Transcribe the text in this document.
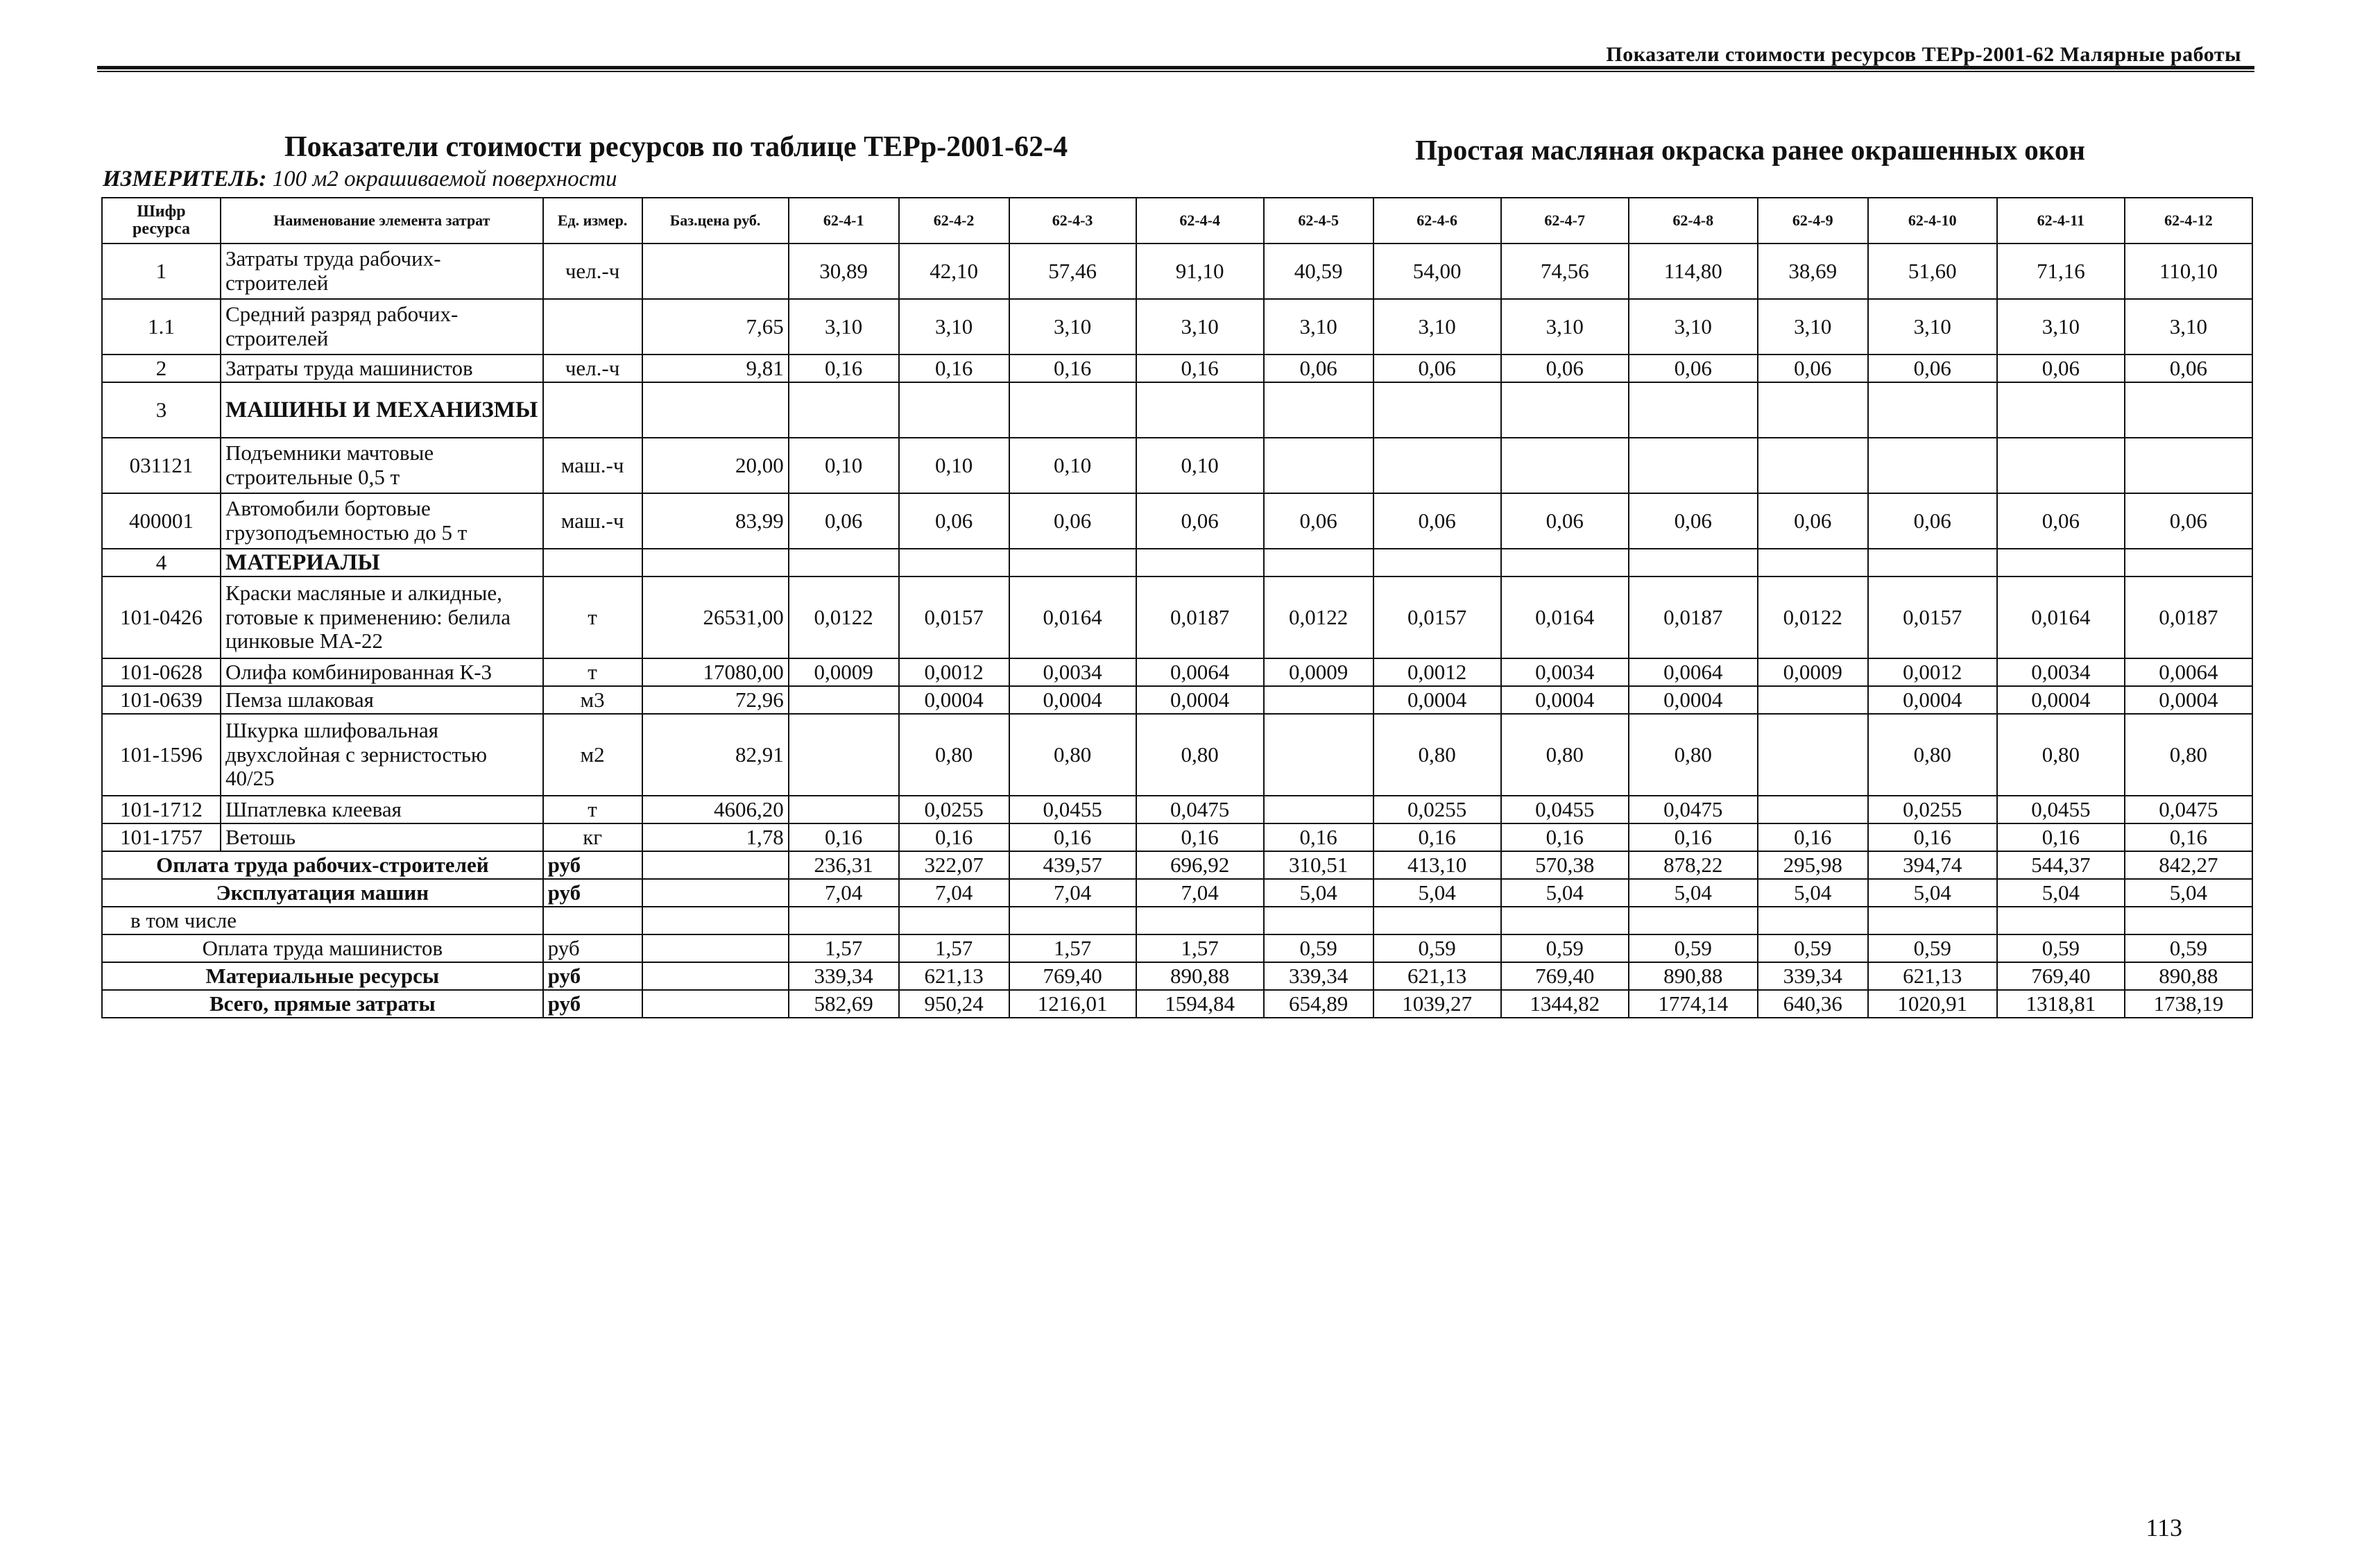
Показатели стоимости ресурсов ТЕРр-2001-62 Малярные работы
Показатели стоимости ресурсов по таблице ТЕРр-2001-62-4	Простая масляная окраска ранее окрашенных окон
ИЗМЕРИТЕЛЬ: 100 м2 окрашиваемой поверхности
Шифр ресурса	Наименование элемента затрат	Ед. измер.	Баз.цена руб.	62-4-1	62-4-2	62-4-3	62-4-4	62-4-5	62-4-6	62-4-7	62-4-8	62-4-9	62-4-10	62-4-11	62-4-12
1	Затраты труда рабочих-строителей	чел.-ч		30,89	42,10	57,46	91,10	40,59	54,00	74,56	114,80	38,69	51,60	71,16	110,10
1.1	Средний разряд рабочих-строителей		7,65	3,10	3,10	3,10	3,10	3,10	3,10	3,10	3,10	3,10	3,10	3,10	3,10
2	Затраты труда машинистов	чел.-ч	9,81	0,16	0,16	0,16	0,16	0,06	0,06	0,06	0,06	0,06	0,06	0,06	0,06
3	МАШИНЫ И МЕХАНИЗМЫ														
031121	Подъемники мачтовые строительные 0,5 т	маш.-ч	20,00	0,10	0,10	0,10	0,10								
400001	Автомобили бортовые грузоподъемностью до 5 т	маш.-ч	83,99	0,06	0,06	0,06	0,06	0,06	0,06	0,06	0,06	0,06	0,06	0,06	0,06
4	МАТЕРИАЛЫ														
101-0426	Краски масляные и алкидные, готовые к применению: белила цинковые МА-22	т	26531,00	0,0122	0,0157	0,0164	0,0187	0,0122	0,0157	0,0164	0,0187	0,0122	0,0157	0,0164	0,0187
101-0628	Олифа комбинированная К-3	т	17080,00	0,0009	0,0012	0,0034	0,0064	0,0009	0,0012	0,0034	0,0064	0,0009	0,0012	0,0034	0,0064
101-0639	Пемза шлаковая	м3	72,96		0,0004	0,0004	0,0004		0,0004	0,0004	0,0004		0,0004	0,0004	0,0004
101-1596	Шкурка шлифовальная двухслойная с зернистостью 40/25	м2	82,91		0,80	0,80	0,80		0,80	0,80	0,80		0,80	0,80	0,80
101-1712	Шпатлевка клеевая	т	4606,20		0,0255	0,0455	0,0475		0,0255	0,0455	0,0475		0,0255	0,0455	0,0475
101-1757	Ветошь	кг	1,78	0,16	0,16	0,16	0,16	0,16	0,16	0,16	0,16	0,16	0,16	0,16	0,16
Оплата труда рабочих-строителей		руб		236,31	322,07	439,57	696,92	310,51	413,10	570,38	878,22	295,98	394,74	544,37	842,27
Эксплуатация машин		руб		7,04	7,04	7,04	7,04	5,04	5,04	5,04	5,04	5,04	5,04	5,04	5,04
в том числе															
Оплата труда машинистов		руб		1,57	1,57	1,57	1,57	0,59	0,59	0,59	0,59	0,59	0,59	0,59	0,59
Материальные ресурсы		руб		339,34	621,13	769,40	890,88	339,34	621,13	769,40	890,88	339,34	621,13	769,40	890,88
Всего, прямые затраты		руб		582,69	950,24	1216,01	1594,84	654,89	1039,27	1344,82	1774,14	640,36	1020,91	1318,81	1738,19
113
